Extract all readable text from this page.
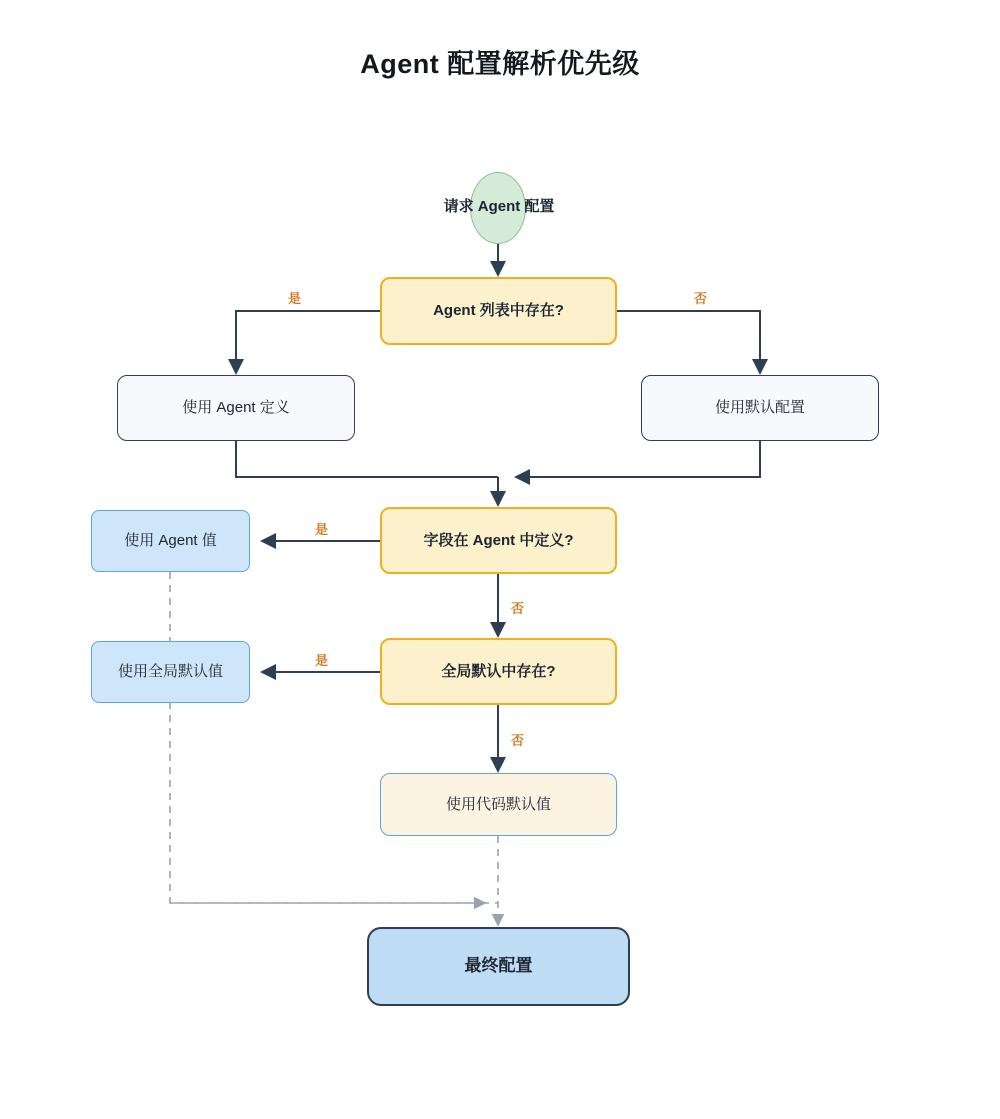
Agent 配置解析优先级
请求 Agent 配置
Agent 列表中存在?
使用 Agent 定义	使用默认配置
字段在 Agent 中定义?
使用 Agent 值
全局默认中存在?
使用全局默认值
使用代码默认值
最终配置
是	否
是
否
是
否
